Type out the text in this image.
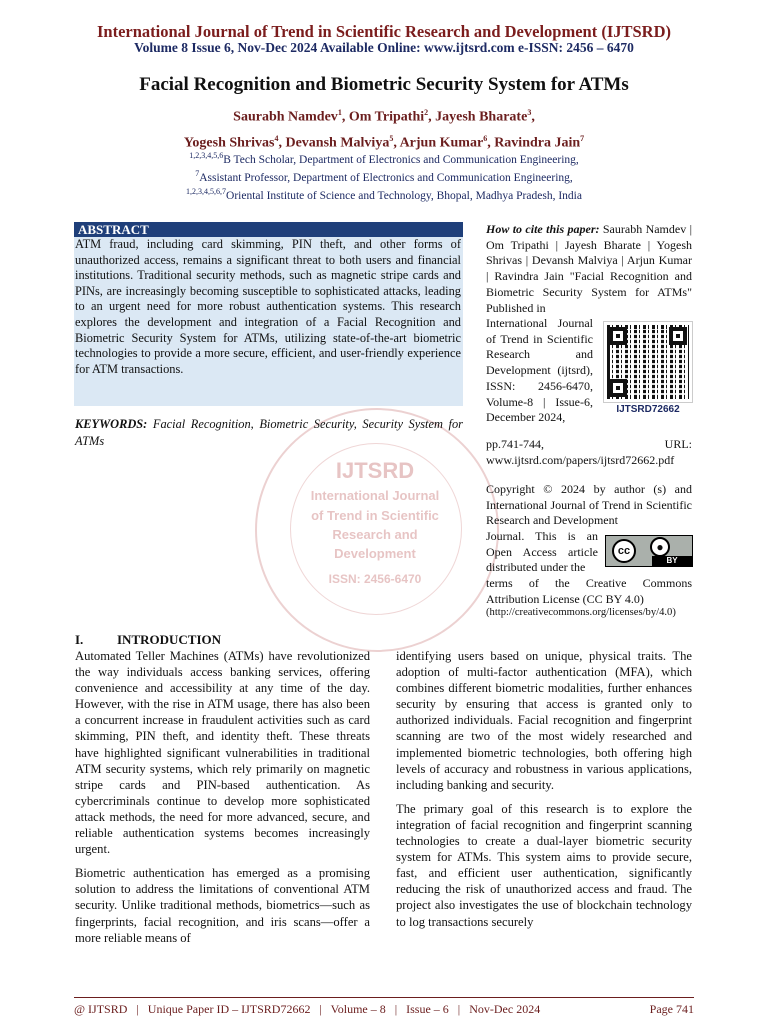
International Journal of Trend in Scientific Research and Development (IJTSRD)
Volume 8 Issue 6, Nov-Dec 2024 Available Online: www.ijtsrd.com e-ISSN: 2456 – 6470
Facial Recognition and Biometric Security System for ATMs
Saurabh Namdev$^1$, Om Tripathi$^2$, Jayesh Bharate$^3$,
Yogesh Shrivas$^4$, Devansh Malviya$^5$, Arjun Kumar$^6$, Ravindra Jain$^7$
$^{1,2,3,4,5,6}$B Tech Scholar, Department of Electronics and Communication Engineering,
$^7$Assistant Professor, Department of Electronics and Communication Engineering,
$^{1,2,3,4,5,6,7}$Oriental Institute of Science and Technology, Bhopal, Madhya Pradesh, India
IJTSRD
International Journal
of Trend in Scientific
Research and
Development
ISSN: 2456-6470
ABSTRACT
ATM fraud, including card skimming, PIN theft, and other forms of unauthorized access, remains a significant threat to both users and financial institutions. Traditional security methods, such as magnetic stripe cards and PINs, are increasingly becoming susceptible to sophisticated attacks, leading to an urgent need for more robust authentication systems. This research explores the development and integration of a Facial Recognition and Biometric Security System for ATMs, utilizing state-of-the-art biometric technologies to provide a more secure, efficient, and user-friendly experience for ATM transactions.
KEYWORDS: Facial Recognition, Biometric Security, Security System for ATMs
How to cite this paper: Saurabh Namdev | Om Tripathi | Jayesh Bharate | Yogesh Shrivas | Devansh Malviya | Arjun Kumar | Ravindra Jain "Facial Recognition and Biometric Security System for ATMs" Published in
International Journal of Trend in Scientific Research and Development (ijtsrd), ISSN: 2456-6470, Volume-8 | Issue-6, December 2024,
pp.741-744,	URL:
www.ijtsrd.com/papers/ijtsrd72662.pdf
IJTSRD72662
Copyright © 2024 by author (s) and International Journal of Trend in Scientific Research and Development
Journal. This is an Open Access article distributed under the
terms of the Creative Commons Attribution License (CC BY 4.0)
(http://creativecommons.org/licenses/by/4.0)
cc	●
BY
I.	INTRODUCTION

Automated Teller Machines (ATMs) have revolutionized the way individuals access banking services, offering convenience and accessibility at any time of the day. However, with the rise in ATM usage, there has also been a concurrent increase in fraudulent activities such as card skimming, PIN theft, and identity theft. These threats have highlighted significant vulnerabilities in traditional ATM security systems, which rely primarily on magnetic stripe cards and PIN-based authentication. As cybercriminals continue to develop more sophisticated attack methods, the need for more advanced, secure, and reliable authentication systems becomes increasingly urgent.

Biometric authentication has emerged as a promising solution to address the limitations of conventional ATM security. Unlike traditional methods, biometrics—such as fingerprints, facial recognition, and iris scans—offer a more reliable means of

identifying users based on unique, physical traits. The adoption of multi-factor authentication (MFA), which combines different biometric modalities, further enhances security by ensuring that access is granted only to authorized individuals. Facial recognition and fingerprint scanning are two of the most widely researched and implemented biometric technologies, both offering high levels of accuracy and robustness in various applications, including banking and security.

The primary goal of this research is to explore the integration of facial recognition and fingerprint scanning technologies to create a dual-layer biometric security system for ATMs. This system aims to provide secure, fast, and efficient user authentication, significantly reducing the risk of unauthorized access and fraud. The project also investigates the use of blockchain technology to log transactions securely

@ IJTSRD   |   Unique Paper ID – IJTSRD72662   |   Volume – 8   |   Issue – 6   |   Nov-Dec 2024	Page 741
